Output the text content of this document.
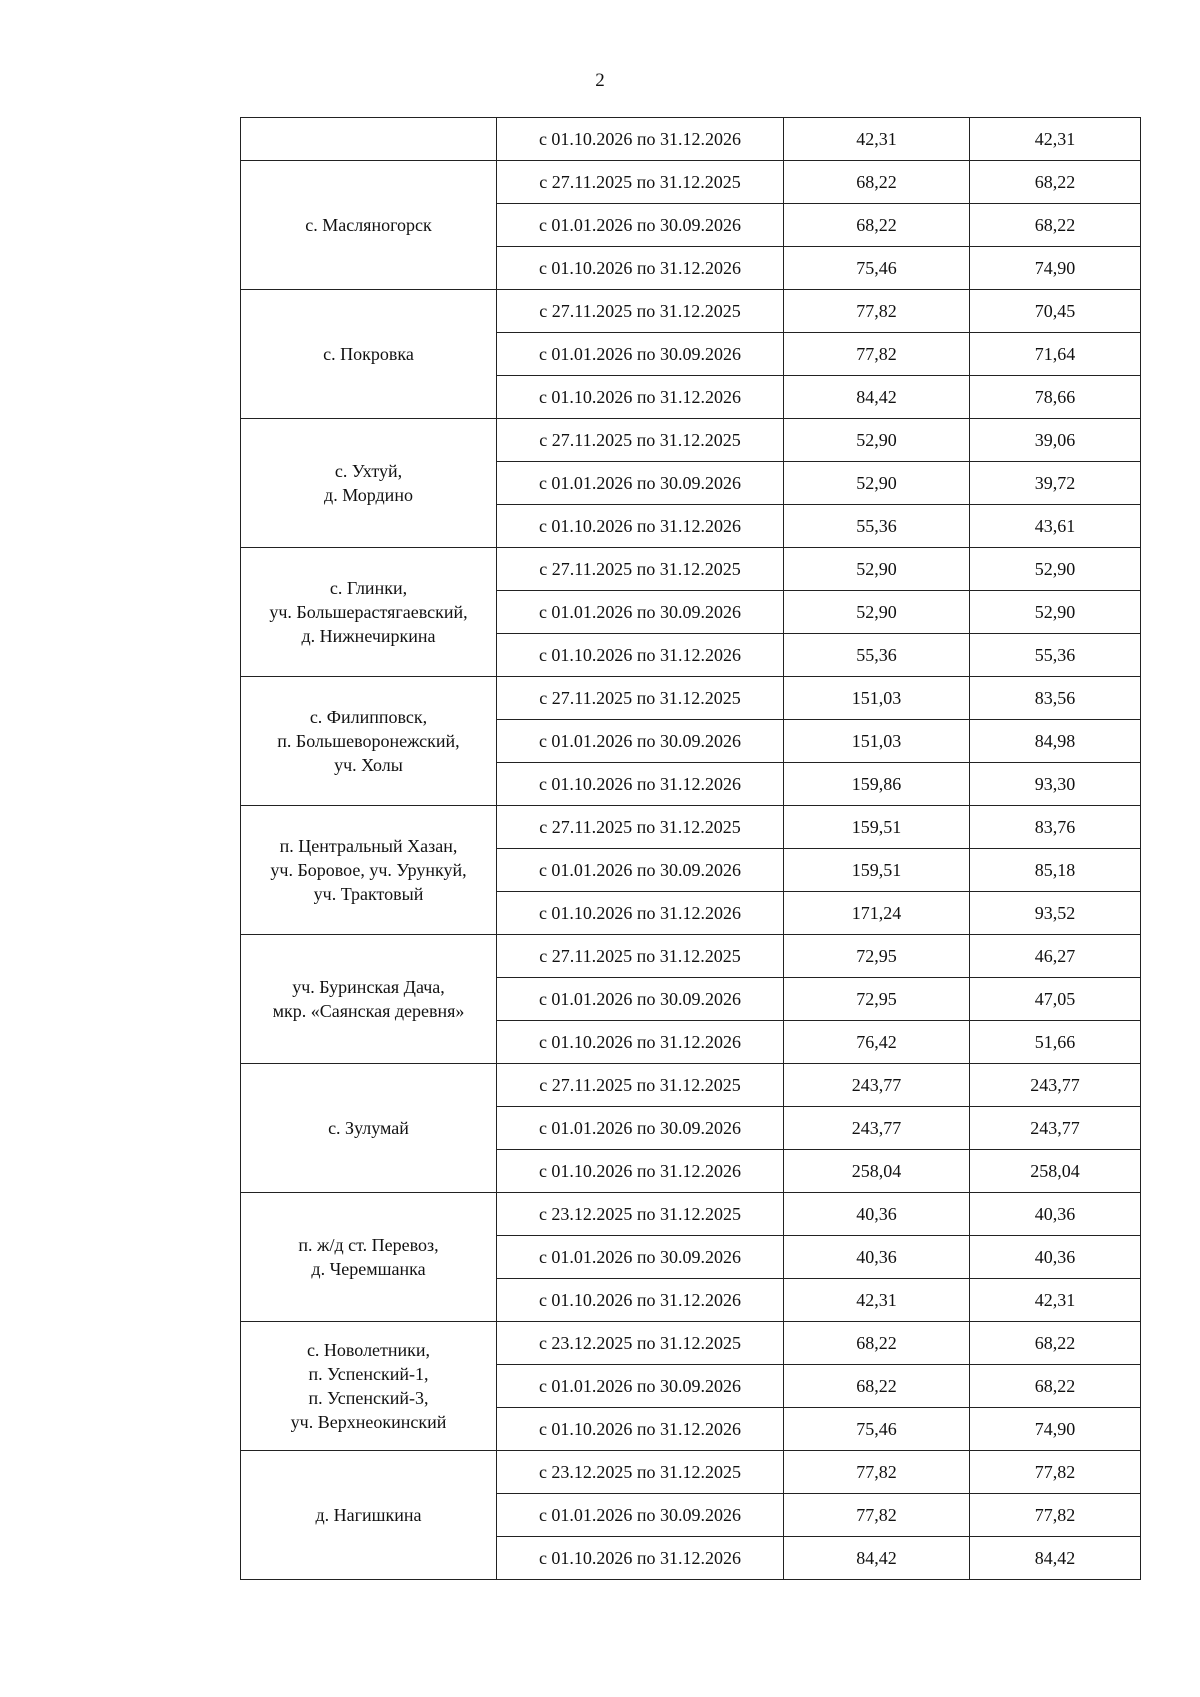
2
	с 01.10.2026 по 31.12.2026	42,31	42,31
с. Масляногорск	с 27.11.2025 по 31.12.2025	68,22	68,22
	с 01.01.2026 по 30.09.2026	68,22	68,22
	с 01.10.2026 по 31.12.2026	75,46	74,90
с. Покровка	с 27.11.2025 по 31.12.2025	77,82	70,45
	с 01.01.2026 по 30.09.2026	77,82	71,64
	с 01.10.2026 по 31.12.2026	84,42	78,66
с. Ухтуй,
д. Мордино	с 27.11.2025 по 31.12.2025	52,90	39,06
	с 01.01.2026 по 30.09.2026	52,90	39,72
	с 01.10.2026 по 31.12.2026	55,36	43,61
с. Глинки,
уч. Большерастягаевский,
д. Нижнечиркина	с 27.11.2025 по 31.12.2025	52,90	52,90
	с 01.01.2026 по 30.09.2026	52,90	52,90
	с 01.10.2026 по 31.12.2026	55,36	55,36
с. Филипповск,
п. Большеворонежский,
уч. Холы	с 27.11.2025 по 31.12.2025	151,03	83,56
	с 01.01.2026 по 30.09.2026	151,03	84,98
	с 01.10.2026 по 31.12.2026	159,86	93,30
п. Центральный Хазан,
уч. Боровое, уч. Урункуй,
уч. Трактовый	с 27.11.2025 по 31.12.2025	159,51	83,76
	с 01.01.2026 по 30.09.2026	159,51	85,18
	с 01.10.2026 по 31.12.2026	171,24	93,52
уч. Буринская Дача,
мкр. «Саянская деревня»	с 27.11.2025 по 31.12.2025	72,95	46,27
	с 01.01.2026 по 30.09.2026	72,95	47,05
	с 01.10.2026 по 31.12.2026	76,42	51,66
с. Зулумай	с 27.11.2025 по 31.12.2025	243,77	243,77
	с 01.01.2026 по 30.09.2026	243,77	243,77
	с 01.10.2026 по 31.12.2026	258,04	258,04
п. ж/д ст. Перевоз,
д. Черемшанка	с 23.12.2025 по 31.12.2025	40,36	40,36
	с 01.01.2026 по 30.09.2026	40,36	40,36
	с 01.10.2026 по 31.12.2026	42,31	42,31
с. Новолетники,
п. Успенский-1,
п. Успенский-3,
уч. Верхнеокинский	с 23.12.2025 по 31.12.2025	68,22	68,22
	с 01.01.2026 по 30.09.2026	68,22	68,22
	с 01.10.2026 по 31.12.2026	75,46	74,90
д. Нагишкина	с 23.12.2025 по 31.12.2025	77,82	77,82
	с 01.01.2026 по 30.09.2026	77,82	77,82
	с 01.10.2026 по 31.12.2026	84,42	84,42
